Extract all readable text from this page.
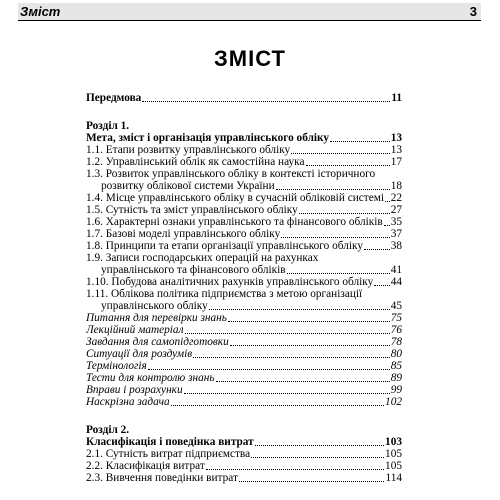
Зміст	3
ЗМІСТ
Передмова	11
Розділ 1.
Мета, зміст і організація управлінського обліку	13
1.1. Етапи розвитку управлінського обліку	13
1.2. Управлінський облік як самостійна наука	17
1.3. Розвиток управлінського обліку в контексті історичного
розвитку облікової системи України	18
1.4. Місце управлінського обліку в сучасній обліковій системі 22
1.5. Сутність та зміст управлінського обліку	27
1.6. Характерні ознаки управлінського та фінансового обліків 35
1.7. Базові моделі управлінського обліку	37
1.8. Принципи та етапи організації управлінського обліку 38
1.9. Записи господарських операцій на рахунках
управлінського та фінансового обліків	41
1.10. Побудова аналітичних рахунків управлінського обліку 44
1.11. Облікова політика підприємства з метою організації
управлінського обліку	45
Питання для перевірки знань	75
Лекційний матеріал	76
Завдання для самопідготовки	78
Ситуації для роздумів	80
Термінологія	85
Тести для контролю знань	89
Вправи і розрахунки	99
Наскрізна задача	102
Розділ 2.
Класифікація і поведінка витрат	103
2.1. Сутність витрат підприємства	105
2.2. Класифікація витрат	105
2.3. Вивчення поведінки витрат	114
